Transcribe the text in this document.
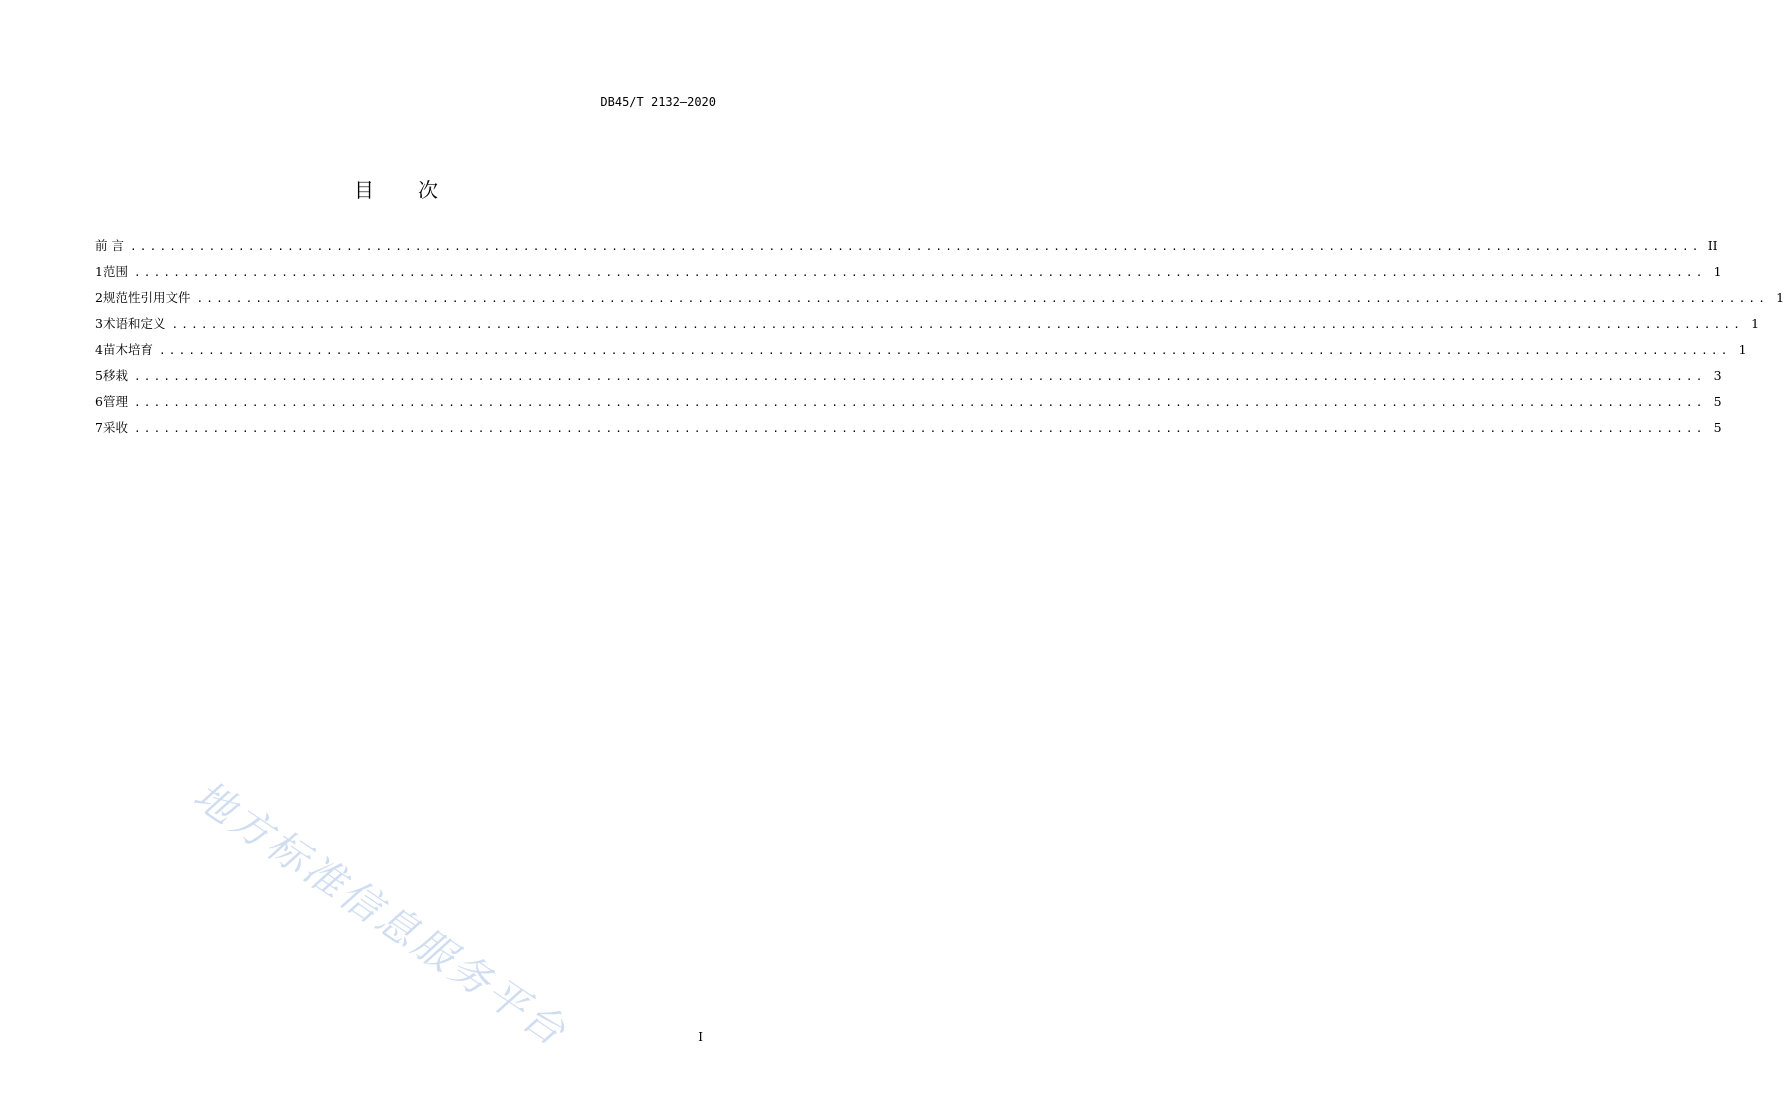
DB45/T 2132—2020
目 次
前 言 ................................................................................................................................................................ II
1 范围 ................................................................................................................................................................ 1
2 规范性引用文件 ................................................................................................................................................................ 1
3 术语和定义 ................................................................................................................................................................ 1
4 苗木培育 ................................................................................................................................................................ 1
5 移栽 ................................................................................................................................................................ 3
6 管理 ................................................................................................................................................................ 5
7 采收 ................................................................................................................................................................ 5
地方标准信息服务平台	I
